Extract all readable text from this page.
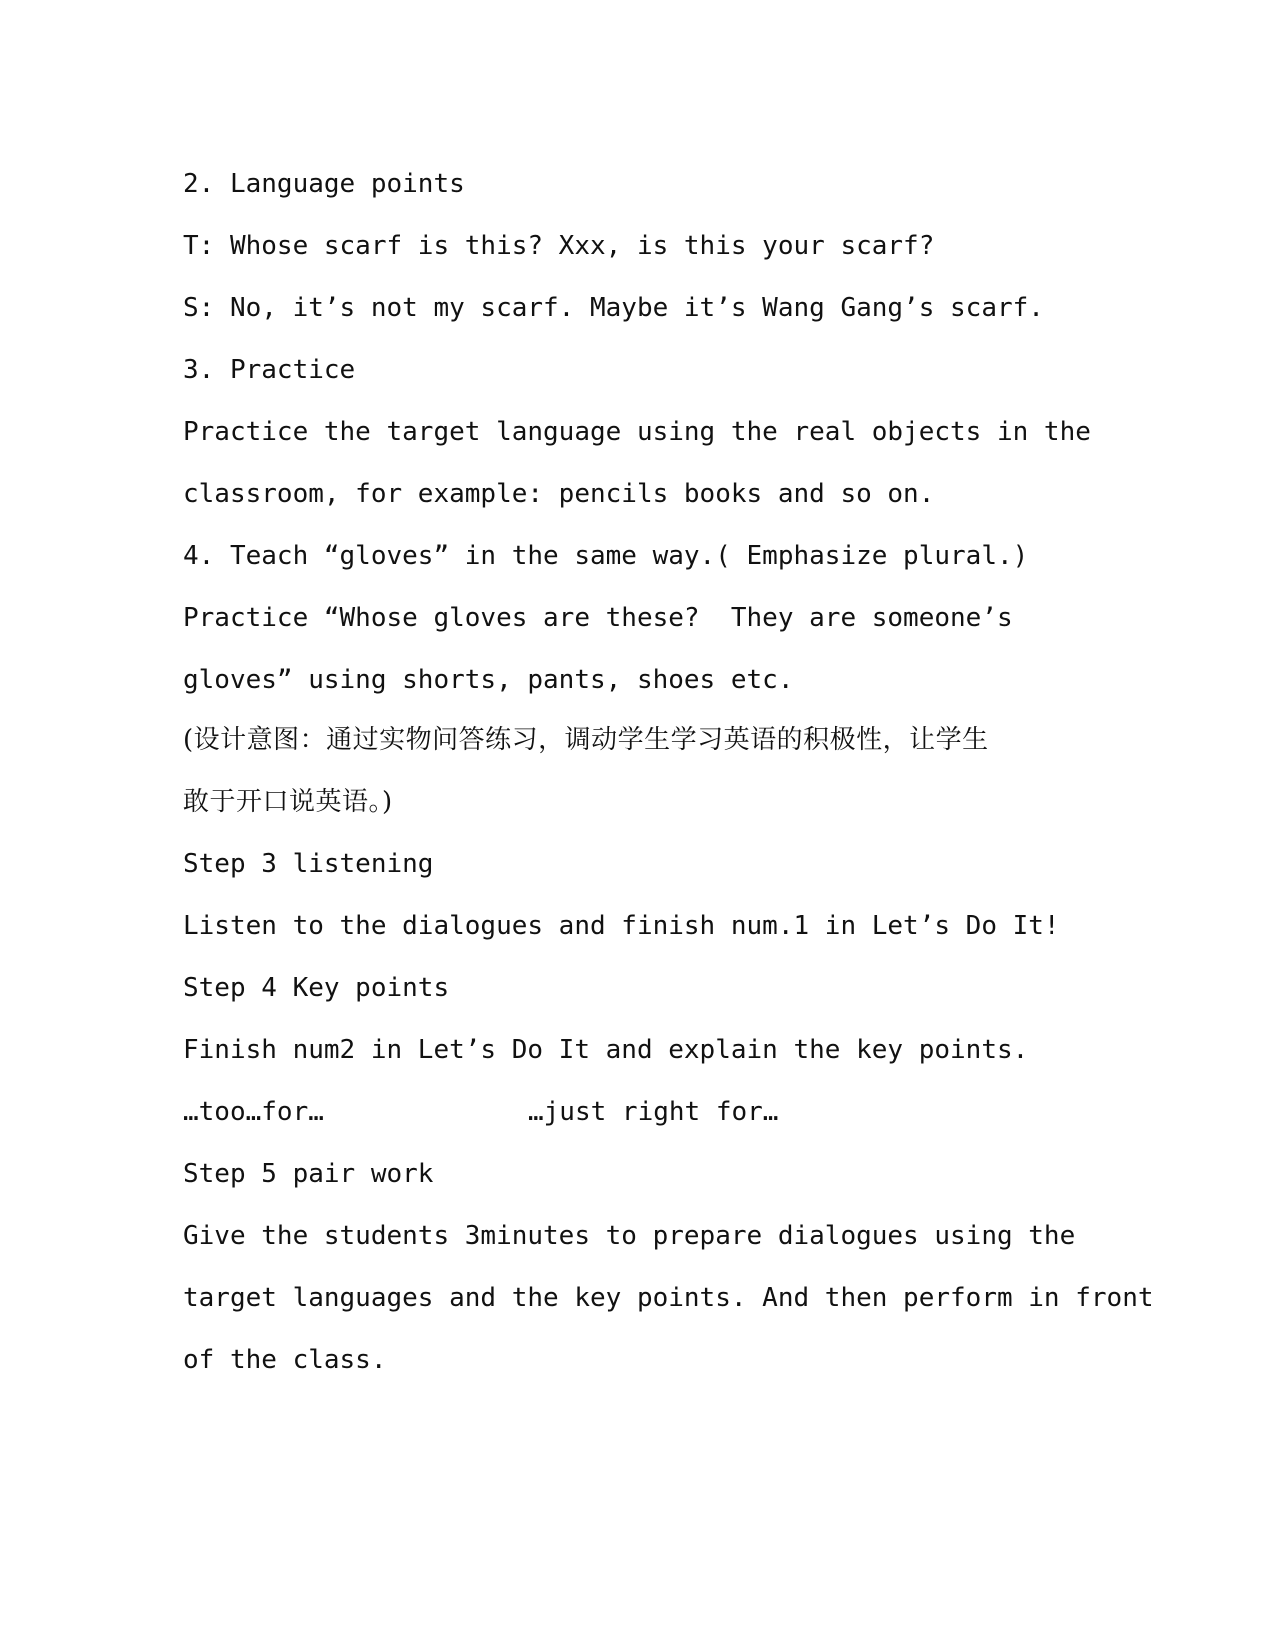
2. Language points
T: Whose scarf is this? Xxx, is this your scarf?
S: No, it’s not my scarf. Maybe it’s Wang Gang’s scarf.
3. Practice
Practice the target language using the real objects in the
classroom, for example: pencils books and so on.
4. Teach “gloves” in the same way.( Emphasize plural.)
Practice “Whose gloves are these?  They are someone’s
gloves” using shorts, pants, shoes etc.
(设计意图：通过实物问答练习，调动学生学习英语的积极性，让学生
敢于开口说英语。)
Step 3 listening
Listen to the dialogues and finish num.1 in Let’s Do It!
Step 4 Key points
Finish num2 in Let’s Do It and explain the key points.

…too…for…

	…just right for…

Step 5 pair work
Give the students 3minutes to prepare dialogues using the
target languages and the key points. And then perform in front
of the class.
